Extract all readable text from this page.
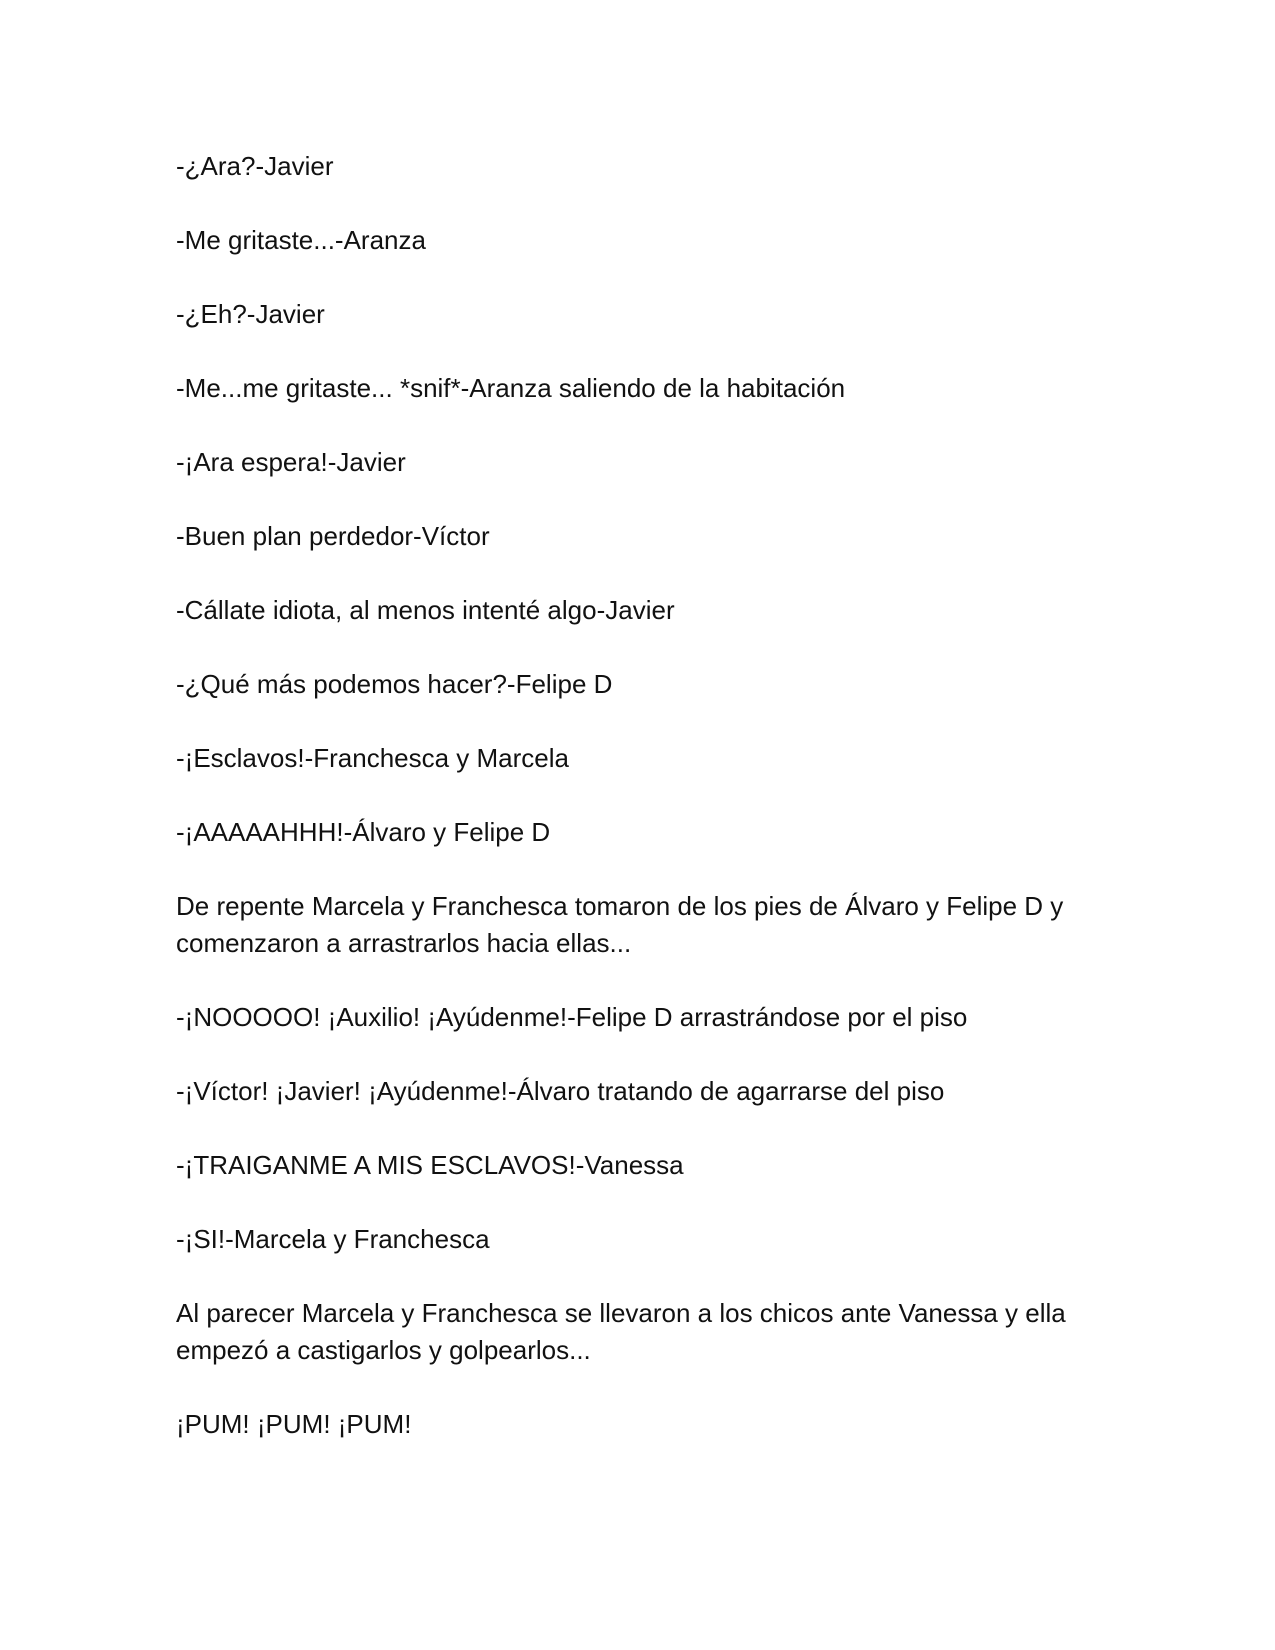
-¿Ara?-Javier

-Me gritaste...-Aranza

-¿Eh?-Javier

-Me...me gritaste... *snif*-Aranza saliendo de la habitación

-¡Ara espera!-Javier

-Buen plan perdedor-Víctor

-Cállate idiota, al menos intenté algo-Javier

-¿Qué más podemos hacer?-Felipe D

-¡Esclavos!-Franchesca y Marcela

-¡AAAAAHHH!-Álvaro y Felipe D

De repente Marcela y Franchesca tomaron de los pies de Álvaro y Felipe D y comenzaron a arrastrarlos hacia ellas...

-¡NOOOOO! ¡Auxilio! ¡Ayúdenme!-Felipe D arrastrándose por el piso

-¡Víctor! ¡Javier! ¡Ayúdenme!-Álvaro tratando de agarrarse del piso

-¡TRAIGANME A MIS ESCLAVOS!-Vanessa

-¡SI!-Marcela y Franchesca

Al parecer Marcela y Franchesca se llevaron a los chicos ante Vanessa y ella empezó a castigarlos y golpearlos...

¡PUM! ¡PUM! ¡PUM!
